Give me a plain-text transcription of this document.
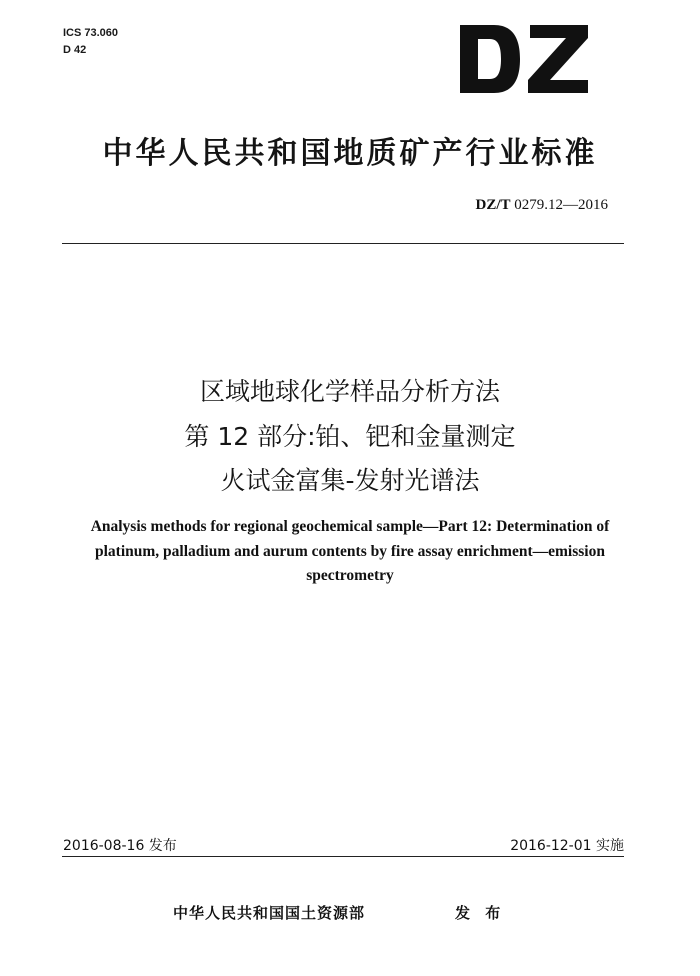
ICS 73.060
D 42
中华人民共和国地质矿产行业标准
DZ/T 0279.12—2016
区域地球化学样品分析方法
第 12 部分:铂、钯和金量测定
火试金富集-发射光谱法
Analysis methods for regional geochemical sample—Part 12: Determination of
platinum, palladium and aurum contents by fire assay enrichment—emission
spectrometry
2016-08-16 发布	2016-12-01 实施
中华人民共和国国土资源部	发 布
